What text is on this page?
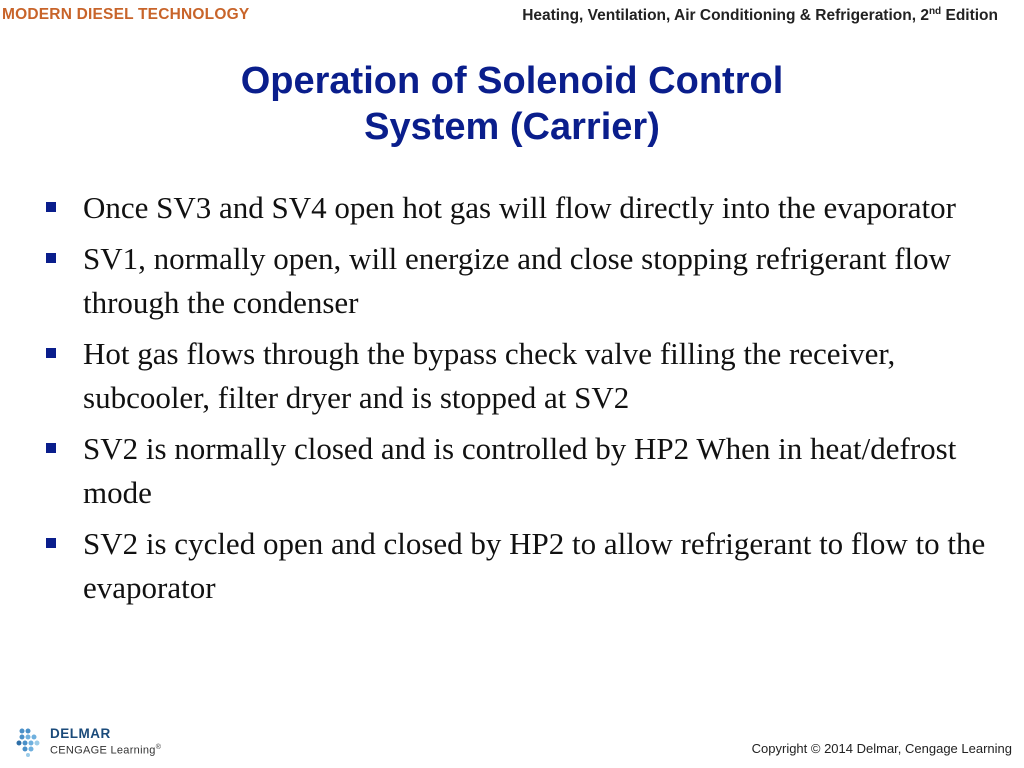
MODERN DIESEL TECHNOLOGY	Heating, Ventilation, Air Conditioning & Refrigeration, 2nd Edition
Operation of Solenoid Control
System (Carrier)
Once SV3 and SV4 open hot gas will flow directly into the evaporator
SV1, normally open, will energize and close stopping refrigerant flow through the condenser
Hot gas flows through the bypass check valve filling the receiver, subcooler, filter dryer and is stopped at SV2
SV2 is normally closed and is controlled by HP2 When in heat/defrost mode
SV2 is cycled open and closed by HP2 to allow refrigerant to flow to the evaporator
DELMAR
CENGAGE Learning®	Copyright © 2014 Delmar, Cengage Learning
